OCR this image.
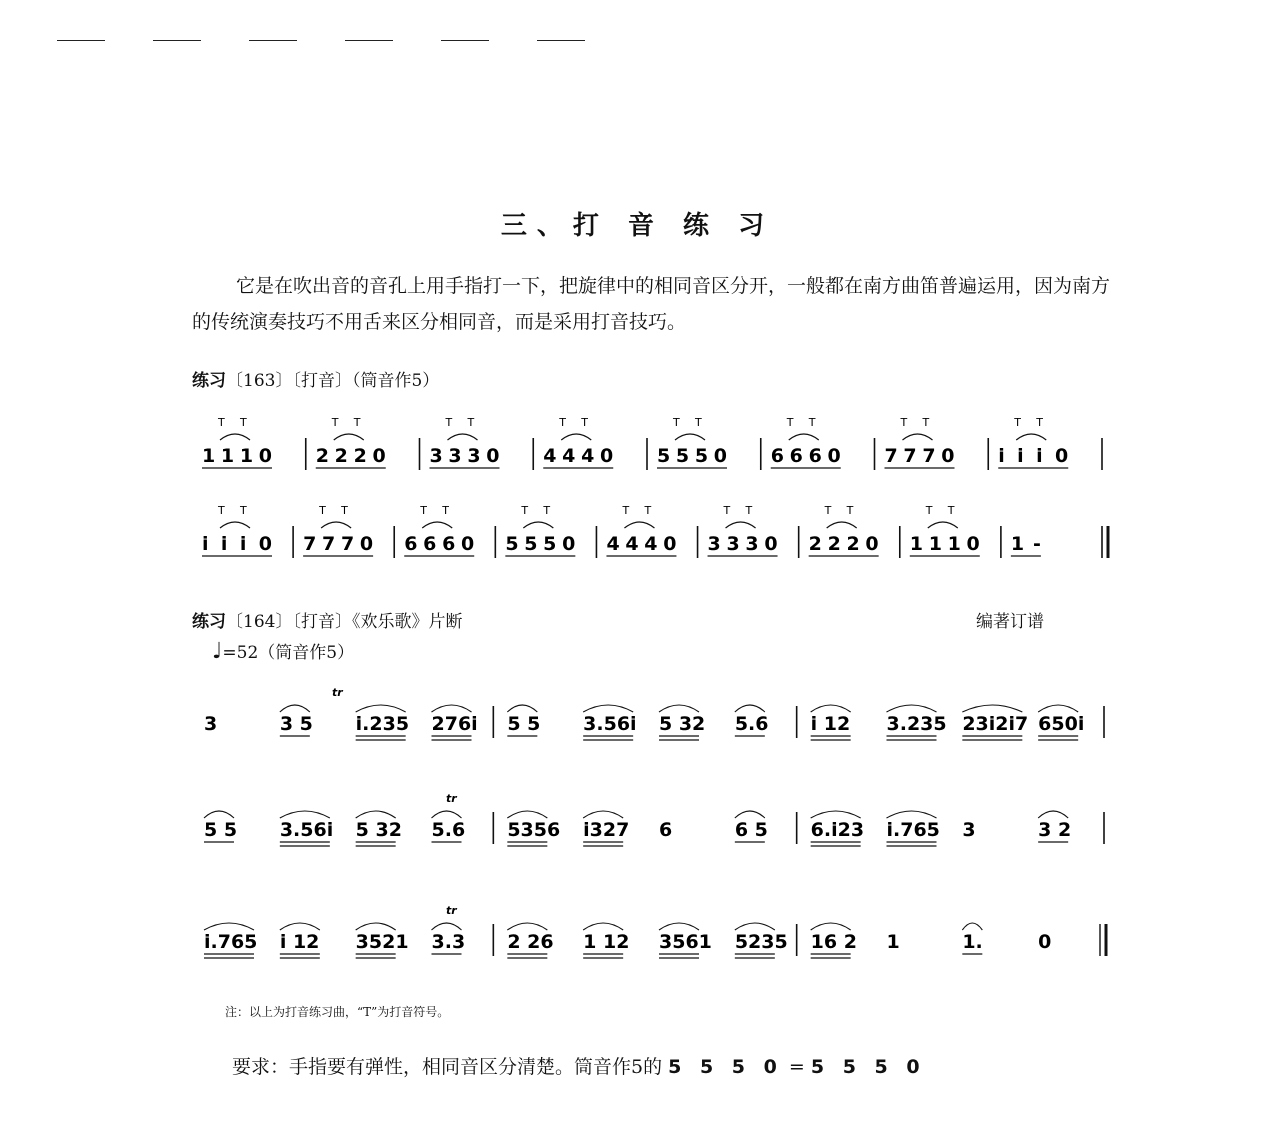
三、打 音 练 习
它是在吹出音的音孔上用手指打一下，把旋律中的相同音区分开，一般都在南方曲笛普遍运用，因为南方的传统演奏技巧不用舌来区分相同音，而是采用打音技巧。
练习〔163〕〔打音〕（筒音作5）
1 1 1 0
T T
2 2 2 0
T T
3 3 3 0
T T
4 4 4 0
T T
5 5 5 0
T T
6 6 6 0
T T
7 7 7 0
T T
i i i 0
T T
i i i 0
T T
7 7 7 0
T T
6 6 6 0
T T
5 5 5 0
T T
4 4 4 0
T T
3 3 3 0
T T
2 2 2 0
T T
1 1 1 0
T T
1 -
练习〔164〕〔打音〕《欢乐歌》片断	编著订谱
♩=52（筒音作5）
3	3 5 i.235 276i 5 5 3.56i 5 32 5.6 i 12 3.235 23i2i7 650i
tr
5 5 3.56i 5 32 5.6 5356 i327 6	6 5 6.i23 i.765 3	3 2
tr
i.765 i 12 3521 3.3 2 26 1 12 3561 5235 16 2 1	1.	0
tr
注：以上为打音练习曲，“T”为打音符号。
要求：手指要有弹性，相同音区分清楚。筒音作5的 5 5 5 0 = 5 5 5 0
